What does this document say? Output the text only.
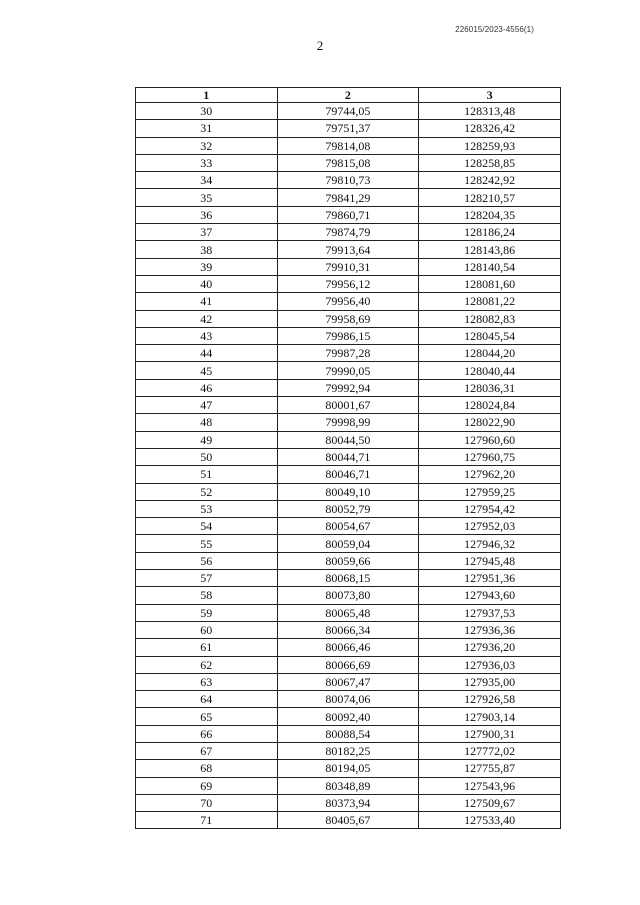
226015/2023-4556(1)
2
1	2	3
30	79744,05	128313,48
31	79751,37	128326,42
32	79814,08	128259,93
33	79815,08	128258,85
34	79810,73	128242,92
35	79841,29	128210,57
36	79860,71	128204,35
37	79874,79	128186,24
38	79913,64	128143,86
39	79910,31	128140,54
40	79956,12	128081,60
41	79956,40	128081,22
42	79958,69	128082,83
43	79986,15	128045,54
44	79987,28	128044,20
45	79990,05	128040,44
46	79992,94	128036,31
47	80001,67	128024,84
48	79998,99	128022,90
49	80044,50	127960,60
50	80044,71	127960,75
51	80046,71	127962,20
52	80049,10	127959,25
53	80052,79	127954,42
54	80054,67	127952,03
55	80059,04	127946,32
56	80059,66	127945,48
57	80068,15	127951,36
58	80073,80	127943,60
59	80065,48	127937,53
60	80066,34	127936,36
61	80066,46	127936,20
62	80066,69	127936,03
63	80067,47	127935,00
64	80074,06	127926,58
65	80092,40	127903,14
66	80088,54	127900,31
67	80182,25	127772,02
68	80194,05	127755,87
69	80348,89	127543,96
70	80373,94	127509,67
71	80405,67	127533,40
